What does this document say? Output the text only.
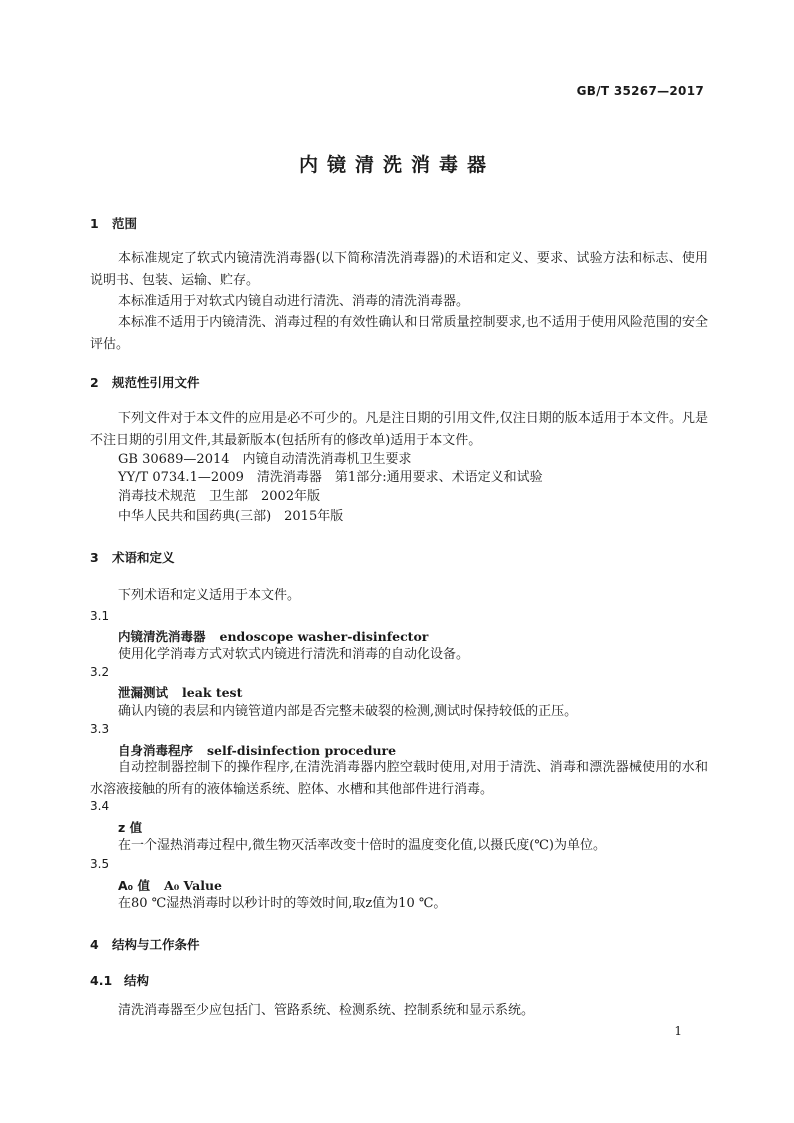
GB/T 35267—2017
内镜清洗消毒器
1 范围

本标准规定了软式内镜清洗消毒器(以下简称清洗消毒器)的术语和定义、要求、试验方法和标志、使用说明书、包装、运输、贮存。

本标准适用于对软式内镜自动进行清洗、消毒的清洗消毒器。

本标准不适用于内镜清洗、消毒过程的有效性确认和日常质量控制要求,也不适用于使用风险范围的安全评估。

2 规范性引用文件

下列文件对于本文件的应用是必不可少的。凡是注日期的引用文件,仅注日期的版本适用于本文件。凡是不注日期的引用文件,其最新版本(包括所有的修改单)适用于本文件。

GB 30689—2014　内镜自动清洗消毒机卫生要求
YY/T 0734.1—2009　清洗消毒器　第1部分:通用要求、术语定义和试验
消毒技术规范　卫生部　2002年版
中华人民共和国药典(三部)　2015年版
3 术语和定义
下列术语和定义适用于本文件。
3.1
内镜清洗消毒器 endoscope washer-disinfector
使用化学消毒方式对软式内镜进行清洗和消毒的自动化设备。
3.2
泄漏测试 leak test
确认内镜的表层和内镜管道内部是否完整未破裂的检测,测试时保持较低的正压。
3.3
自身消毒程序 self-disinfection procedure

自动控制器控制下的操作程序,在清洗消毒器内腔空载时使用,对用于清洗、消毒和漂洗器械使用的水和水溶液接触的所有的液体输送系统、腔体、水槽和其他部件进行消毒。

3.4
z 值
在一个湿热消毒过程中,微生物灭活率改变十倍时的温度变化值,以摄氏度(℃)为单位。
3.5
A₀ 值 A₀ Value
在80 ℃湿热消毒时以秒计时的等效时间,取z值为10 ℃。
4 结构与工作条件
4.1 结构
清洗消毒器至少应包括门、管路系统、检测系统、控制系统和显示系统。
1
